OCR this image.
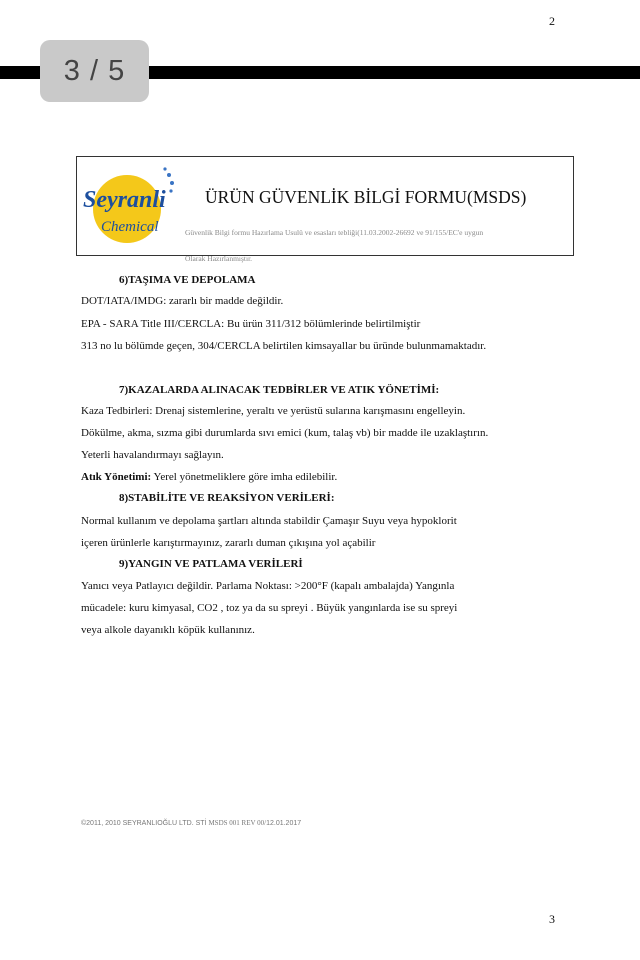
2
3 / 5
Seyranli
Chemical
ÜRÜN GÜVENLİK BİLGİ FORMU(MSDS)
Güvenlik Bilgi formu Hazırlama Usulü ve esasları tebliği(11.03.2002-26692 ve 91/155/EC'e uygun
Olarak Hazırlanmıştır.
6)TAŞIMA VE DEPOLAMA
DOT/IATA/IMDG: zararlı bir madde değildir.
EPA - SARA Title III/CERCLA: Bu ürün 311/312 bölümlerinde belirtilmiştir
313 no lu bölümde geçen, 304/CERCLA belirtilen kimsayallar bu üründe bulunmamaktadır.
7)KAZALARDA ALINACAK TEDBİRLER VE ATIK YÖNETİMİ:
Kaza Tedbirleri: Drenaj sistemlerine, yeraltı ve yerüstü sularına karışmasını engelleyin.
Dökülme, akma, sızma gibi durumlarda sıvı emici (kum, talaş vb) bir madde ile uzaklaştırın.
Yeterli havalandırmayı sağlayın.
Atık Yönetimi: Yerel yönetmeliklere göre imha edilebilir.
8)STABİLİTE VE REAKSİYON VERİLERİ:
Normal kullanım ve depolama şartları altında stabildir Çamaşır Suyu veya hypoklorit
içeren ürünlerle karıştırmayınız, zararlı duman çıkışına yol açabilir
9)YANGIN VE PATLAMA VERİLERİ
Yanıcı veya Patlayıcı değildir. Parlama Noktası: >200°F (kapalı ambalajda) Yangınla
mücadele: kuru kimyasal, CO2 , toz ya da su spreyi . Büyük yangınlarda ise su spreyi
veya alkole dayanıklı köpük kullanınız.
©2011, 2010 SEYRANLIOĞLU LTD. STİ MSDS 001 REV 00/12.01.2017
3
